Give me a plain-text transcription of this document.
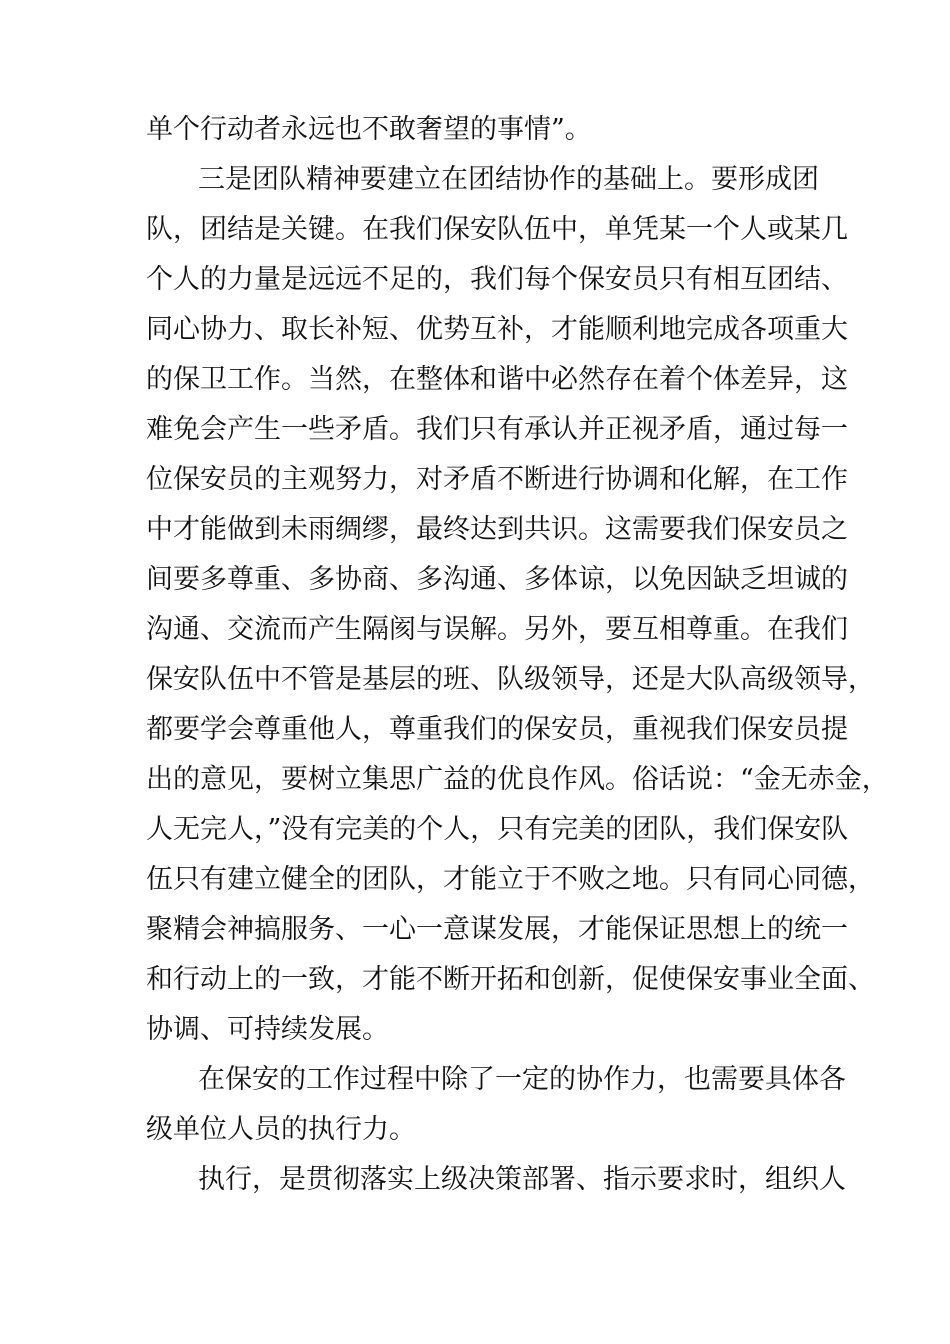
单个行动者永远也不敢奢望的事情”。
三是团队精神要建立在团结协作的基础上。要形成团
队，团结是关键。在我们保安队伍中，单凭某一个人或某几
个人的力量是远远不足的，我们每个保安员只有相互团结、
同心协力、取长补短、优势互补，才能顺利地完成各项重大
的保卫工作。当然，在整体和谐中必然存在着个体差异，这
难免会产生一些矛盾。我们只有承认并正视矛盾，通过每一
位保安员的主观努力，对矛盾不断进行协调和化解，在工作
中才能做到未雨绸缪，最终达到共识。这需要我们保安员之
间要多尊重、多协商、多沟通、多体谅，以免因缺乏坦诚的
沟通、交流而产生隔阂与误解。另外，要互相尊重。在我们
保安队伍中不管是基层的班、队级领导，还是大队高级领导，
都要学会尊重他人，尊重我们的保安员，重视我们保安员提
出的意见，要树立集思广益的优良作风。俗话说：“金无赤金，
人无完人，”没有完美的个人，只有完美的团队，我们保安队
伍只有建立健全的团队，才能立于不败之地。只有同心同德，
聚精会神搞服务、一心一意谋发展，才能保证思想上的统一
和行动上的一致，才能不断开拓和创新，促使保安事业全面、
协调、可持续发展。
在保安的工作过程中除了一定的协作力，也需要具体各
级单位人员的执行力。
执行，是贯彻落实上级决策部署、指示要求时，组织人
